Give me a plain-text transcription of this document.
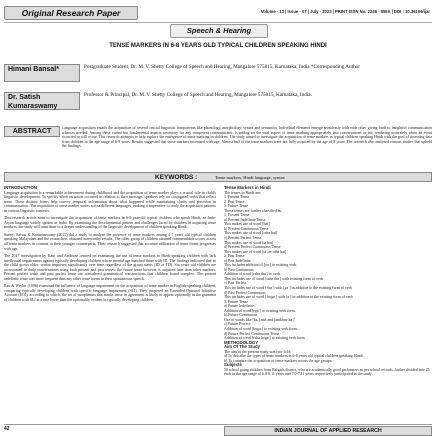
Original Research Paper	Volume - 13 | Issue - 07 | July - 2023 | PRINT ISSN No. 2249 - 555X | DOI : 10.36106/ijar
Speech & Hearing
TENSE MARKERS IN 6-8 YEARS OLD TYPICAL CHILDREN SPEAKING HINDI
Himani Bansal*	Postgraduate Student, Dr. M. V. Shetty College of Speech and Hearing, Mangalore 575015, Karnataka, India *Corresponding Author
Dr. Satish Kumaraswamy
Professor & Principal, Dr. M. V. Shetty College of Speech and Hearing, Mangalore 575015, Karnataka, India.
ABSTRACT	Language acquisition entails the acquisition of several crucial linguistic components like phonology, morphology, syntax and semantics. Individual elements emerge seamlessly with each other giving birth to insightful communication when/as needed. Among these varied but fundamental aspects necessary for any competent communicator, is adding on the vital aspect of tense marking appropriately into conversations or text rendering accurately when an event occurred or will occur. This research attempts to help explore the emergence of tense marking in children. The study aimed to investigate the acquisition of tense markers in typical children speaking Hindi with the goal of assessing data from children in the age range of 6-8 years. Results suggested that tense markers increased with age. Almost half of the tense markers were not fully acquired by the age of 8 years. The research also analyzed various studies that upheld the findings.
KEYWORDS :	Tense markers, Hindi language, syntax
INTRODUCTION

Language acquisition is a remarkable achievement during childhood and the acquisition of tense marker plays a crucial role in child's linguistic development. To specify when an action occurred in relation to their message, speakers rely on conjugated verbs that reflect tense. These distinct forms help convey temporal information about what happened while maintaining clarity and precision in communication. The acquisition of tense marker varies across different languages, making it imperative to study the acquisition patterns in various linguistic contexts.

This research article aims to investigate the acquisition of tense markers in 6-8-year-old typical children who speak Hindi, an Indo-Aryan language widely spoken in India. By examining the developmental pattern and challenges faced by children in acquiring tense markers, the study will contribute to a deeper understanding of the linguistic development of children speaking Hindi.

Sunny, Savari & Kumaraswamy (2015) did a study to analyze the presence of tense markers among 4-7 years old typical children speaking Malayalam and the researchers obtained noteworthy results. The older group of children attained commendable scores across all tense markers in contrast to their younger counterparts. Their research suggested that accurate utilization of tense forms progresses with age.

The 2017 investigation by Kaur and Ambrose centred on examining the use of tense markers in Hindi-speaking children with lack intellectual impairments against typically developing children whose mental age matched those with ID. The findings indicated that as the child grows older, syntax improves significantly over time regardless of the group status (ID or TD). Six years old children are accustomed to daily conversations using both present and past tenses; the future tense however is acquired later than other markers. Present perfect tense and past perfect tense are considered grammatical constructions that children found complex. The present indefinite tense was more frequent than any other tense forms in their spontaneous speech.

Rao & Wrylor (1996) examined the influence of language impairment on the acquisition of tense marker in English-speaking children, comparing typically developing children with specific language impairment (SLI). They proposed an Extended Optional Infinitive Account (EOI), according to which, the set of morphemes that marks tense or agreement is likely to appear optionally in the grammar of children with SLI at a rate lower than the optionality evident in typically developing children.

Tense Markers in Hindi
The tenses in Hindi are:
1. Present Tense
2. Past Tense
3. Future Tense
These tenses are further classified as:
1. Present Tense
a) Present Indefinite Tense
This makes use of word [hai]
b) Present Continuous Tense
This makes use of word [raha hai]
c) Present Perfect Tense
This makes use of word [ta hai]
d) Present Perfect Continuous Tense
This makes use of word [ta ,ae raha hai]
2. Past Tense
a) Past Indefinite
This includes addition of [ya ] to existing verb.
b) Past Continuous
Addition of word [raha tha ] to verb.
This includes use of word [raha tha ] with existing form of verb
c) Past Perfect
This includes use of word [ tha ] with [ya ] in addition to the existing form of verb
d) Past Perfect Continuous
This includes use of word [ hoga ] with [a ] in addition to the existing form of verb
3. Future Tense
a) Future Indefinite
Addition of word [ega ] to existing verb form.
b) Future Continuous
Use of words like [ka ] and and [ambhav ka ]
c) Future Perfect
Addition of word [hoga ] to existing verb form.
d) Future Perfect Continuous Tense
Addition of word [raha hoga ] to existing verb form.
METHODOLOGY
Aim Of The Study
The aim of the present study was two-fold:
a) To describe the types of tense markers in 6-8 years old typical children speaking Hindi
b) To compare the acquisition of tense markers across the age groups.
Subjects
50 school going children from Raigarh district, who are academically good performers as per school records, further divided into 25 each in the age range of 6.0-6.11 years and 7.0-7.11 years respectively participated in the study.
42	INDIAN JOURNAL OF APPLIED RESEARCH
